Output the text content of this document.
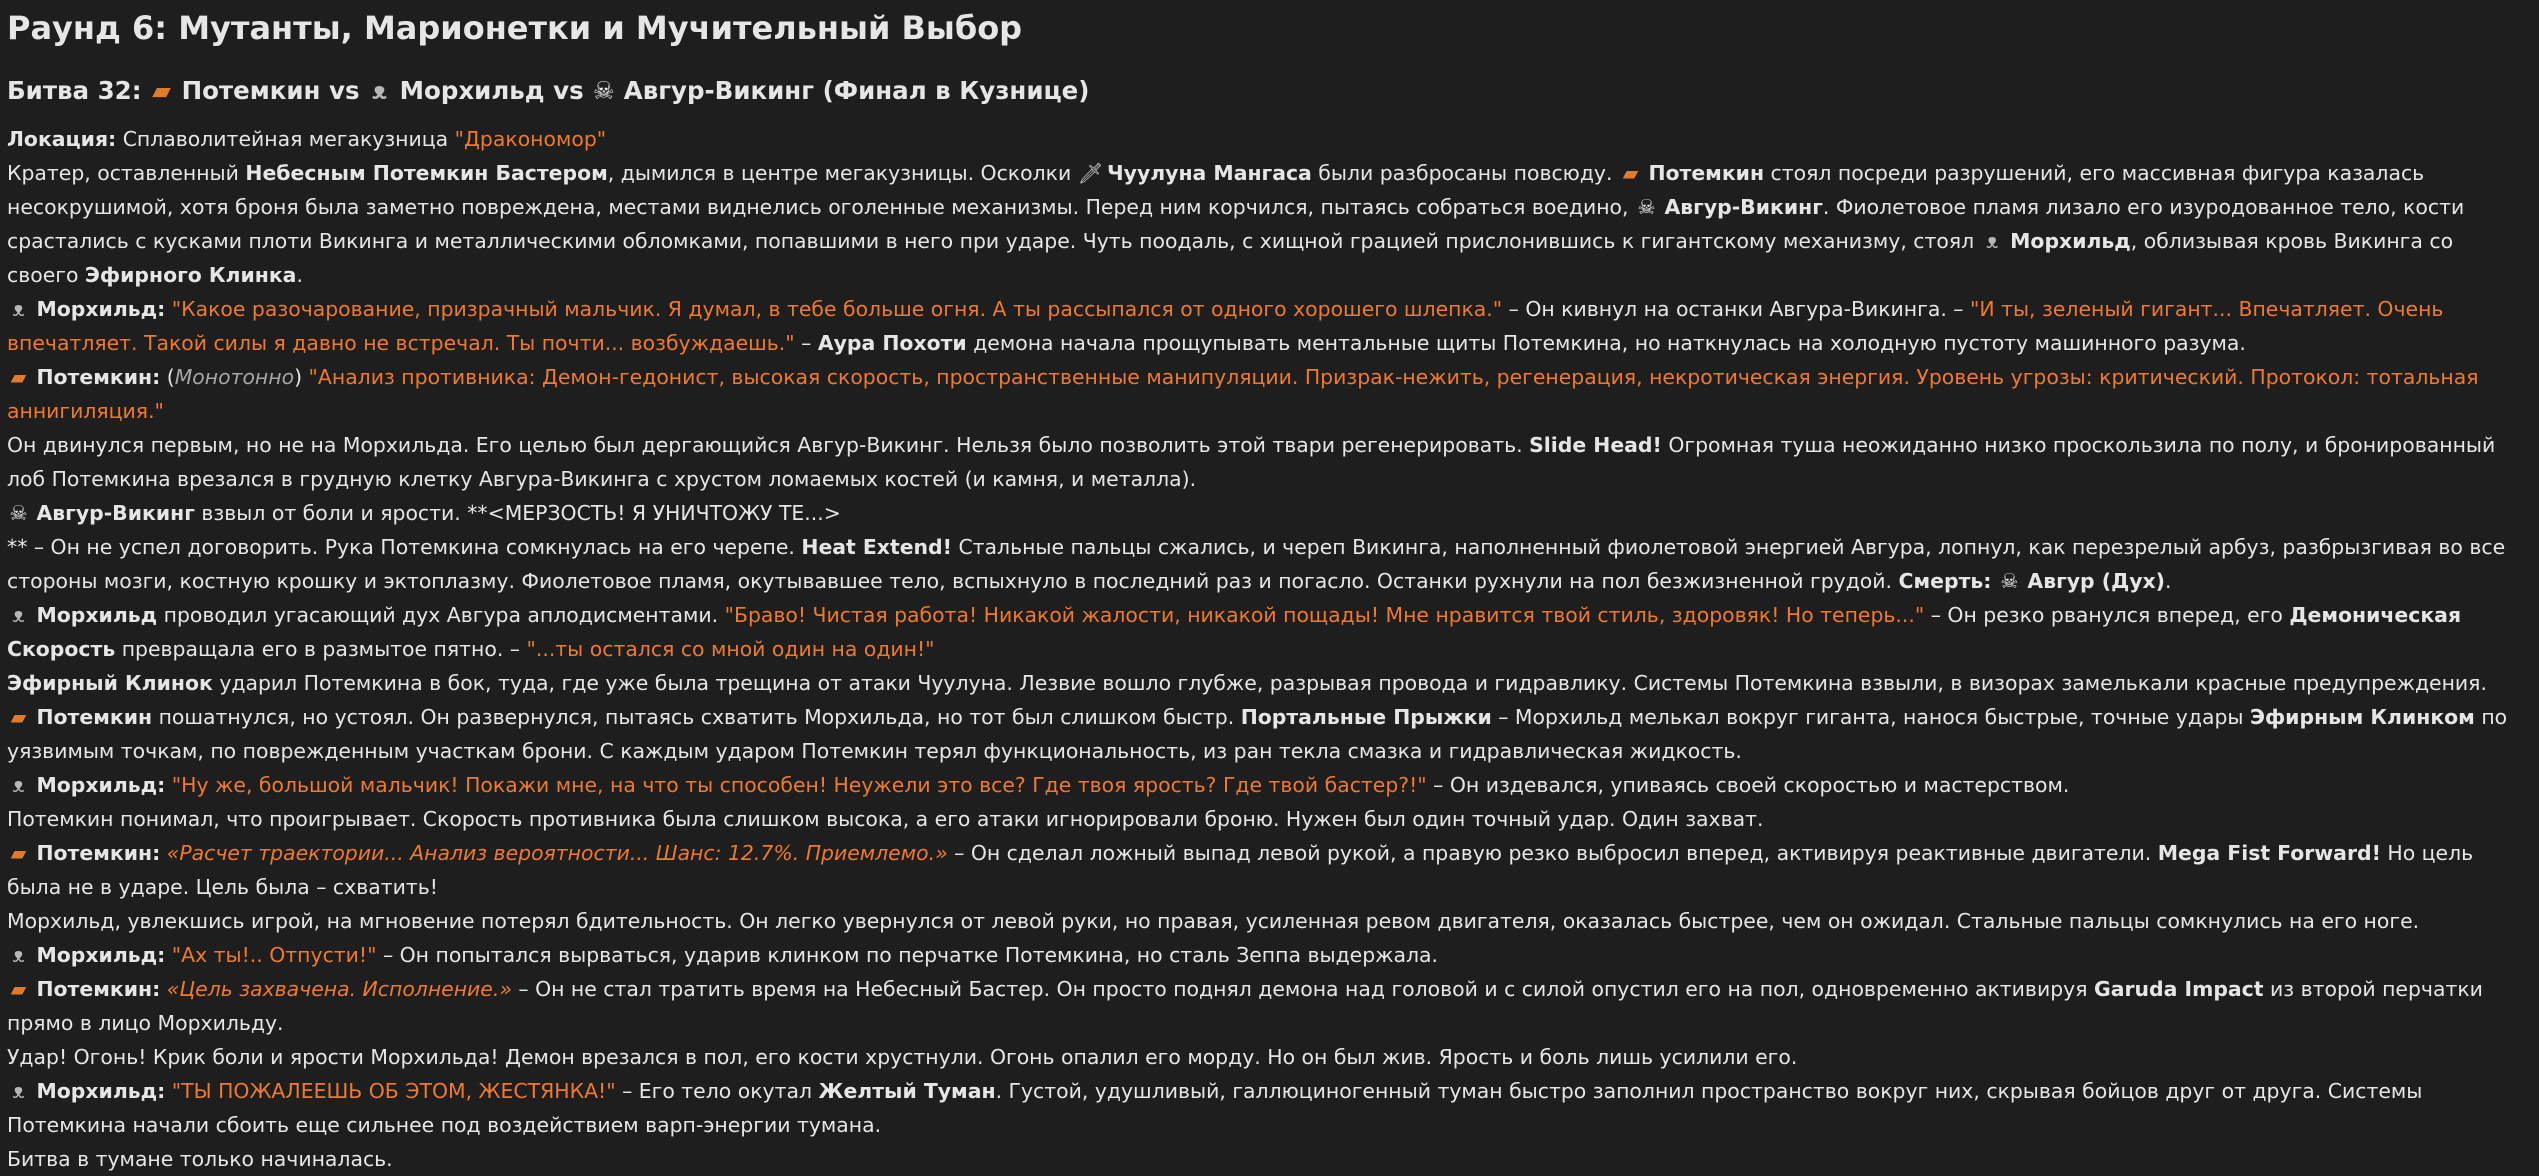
Раунд 6: Мутанты, Марионетки и Мучительный Выбор
Битва 32: ▰ Потемкин vs ᴥ Морхильд vs ☠ Авгур-Викинг (Финал в Кузнице)

Локация: Сплаволитейная мегакузница "Дракономор"

Кратер, оставленный Небесным Потемкин Бастером, дымился в центре мегакузницы. Осколки 🗡 Чуулуна Мангаса были разбросаны повсюду. ▰ Потемкин стоял посреди разрушений, его массивная фигура казалась несокрушимой, хотя броня была заметно повреждена, местами виднелись оголенные механизмы. Перед ним корчился, пытаясь собраться воедино, ☠ Авгур-Викинг. Фиолетовое пламя лизало его изуродованное тело, кости срастались с кусками плоти Викинга и металлическими обломками, попавшими в него при ударе. Чуть поодаль, с хищной грацией прислонившись к гигантскому механизму, стоял ᴥ Морхильд, облизывая кровь Викинга со своего Эфирного Клинка.

ᴥ Морхильд: "Какое разочарование, призрачный мальчик. Я думал, в тебе больше огня. А ты рассыпался от одного хорошего шлепка." – Он кивнул на останки Авгура-Викинга. – "И ты, зеленый гигант... Впечатляет. Очень впечатляет. Такой силы я давно не встречал. Ты почти... возбуждаешь." – Аура Похоти демона начала прощупывать ментальные щиты Потемкина, но наткнулась на холодную пустоту машинного разума.

▰ Потемкин: (Монотонно) "Анализ противника: Демон-гедонист, высокая скорость, пространственные манипуляции. Призрак-нежить, регенерация, некротическая энергия. Уровень угрозы: критический. Протокол: тотальная аннигиляция."

Он двинулся первым, но не на Морхильда. Его целью был дергающийся Авгур-Викинг. Нельзя было позволить этой твари регенерировать. Slide Head! Огромная туша неожиданно низко проскользила по полу, и бронированный лоб Потемкина врезался в грудную клетку Авгура-Викинга с хрустом ломаемых костей (и камня, и металла).

☠ Авгур-Викинг взвыл от боли и ярости. **<МЕРЗОСТЬ! Я УНИЧТОЖУ ТЕ...>

** – Он не успел договорить. Рука Потемкина сомкнулась на его черепе. Heat Extend! Стальные пальцы сжались, и череп Викинга, наполненный фиолетовой энергией Авгура, лопнул, как перезрелый арбуз, разбрызгивая во все стороны мозги, костную крошку и эктоплазму. Фиолетовое пламя, окутывавшее тело, вспыхнуло в последний раз и погасло. Останки рухнули на пол безжизненной грудой. Смерть: ☠ Авгур (Дух).

ᴥ Морхильд проводил угасающий дух Авгура аплодисментами. "Браво! Чистая работа! Никакой жалости, никакой пощады! Мне нравится твой стиль, здоровяк! Но теперь..." – Он резко рванулся вперед, его Демоническая Скорость превращала его в размытое пятно. – "...ты остался со мной один на один!"

Эфирный Клинок ударил Потемкина в бок, туда, где уже была трещина от атаки Чуулуна. Лезвие вошло глубже, разрывая провода и гидравлику. Системы Потемкина взвыли, в визорах замелькали красные предупреждения.

▰ Потемкин пошатнулся, но устоял. Он развернулся, пытаясь схватить Морхильда, но тот был слишком быстр. Портальные Прыжки – Морхильд мелькал вокруг гиганта, нанося быстрые, точные удары Эфирным Клинком по уязвимым точкам, по поврежденным участкам брони. С каждым ударом Потемкин терял функциональность, из ран текла смазка и гидравлическая жидкость.

ᴥ Морхильд: "Ну же, большой мальчик! Покажи мне, на что ты способен! Неужели это все? Где твоя ярость? Где твой бастер?!" – Он издевался, упиваясь своей скоростью и мастерством.

Потемкин понимал, что проигрывает. Скорость противника была слишком высока, а его атаки игнорировали броню. Нужен был один точный удар. Один захват.

▰ Потемкин: «Расчет траектории... Анализ вероятности... Шанс: 12.7%. Приемлемо.» – Он сделал ложный выпад левой рукой, а правую резко выбросил вперед, активируя реактивные двигатели. Mega Fist Forward! Но цель была не в ударе. Цель была – схватить!

Морхильд, увлекшись игрой, на мгновение потерял бдительность. Он легко увернулся от левой руки, но правая, усиленная ревом двигателя, оказалась быстрее, чем он ожидал. Стальные пальцы сомкнулись на его ноге.

ᴥ Морхильд: "Ах ты!.. Отпусти!" – Он попытался вырваться, ударив клинком по перчатке Потемкина, но сталь Зеппа выдержала.

▰ Потемкин: «Цель захвачена. Исполнение.» – Он не стал тратить время на Небесный Бастер. Он просто поднял демона над головой и с силой опустил его на пол, одновременно активируя Garuda Impact из второй перчатки прямо в лицо Морхильду.

Удар! Огонь! Крик боли и ярости Морхильда! Демон врезался в пол, его кости хрустнули. Огонь опалил его морду. Но он был жив. Ярость и боль лишь усилили его.

ᴥ Морхильд: "ТЫ ПОЖАЛЕЕШЬ ОБ ЭТОМ, ЖЕСТЯНКА!" – Его тело окутал Желтый Туман. Густой, удушливый, галлюциногенный туман быстро заполнил пространство вокруг них, скрывая бойцов друг от друга. Системы Потемкина начали сбоить еще сильнее под воздействием варп-энергии тумана.

Битва в тумане только начиналась.
